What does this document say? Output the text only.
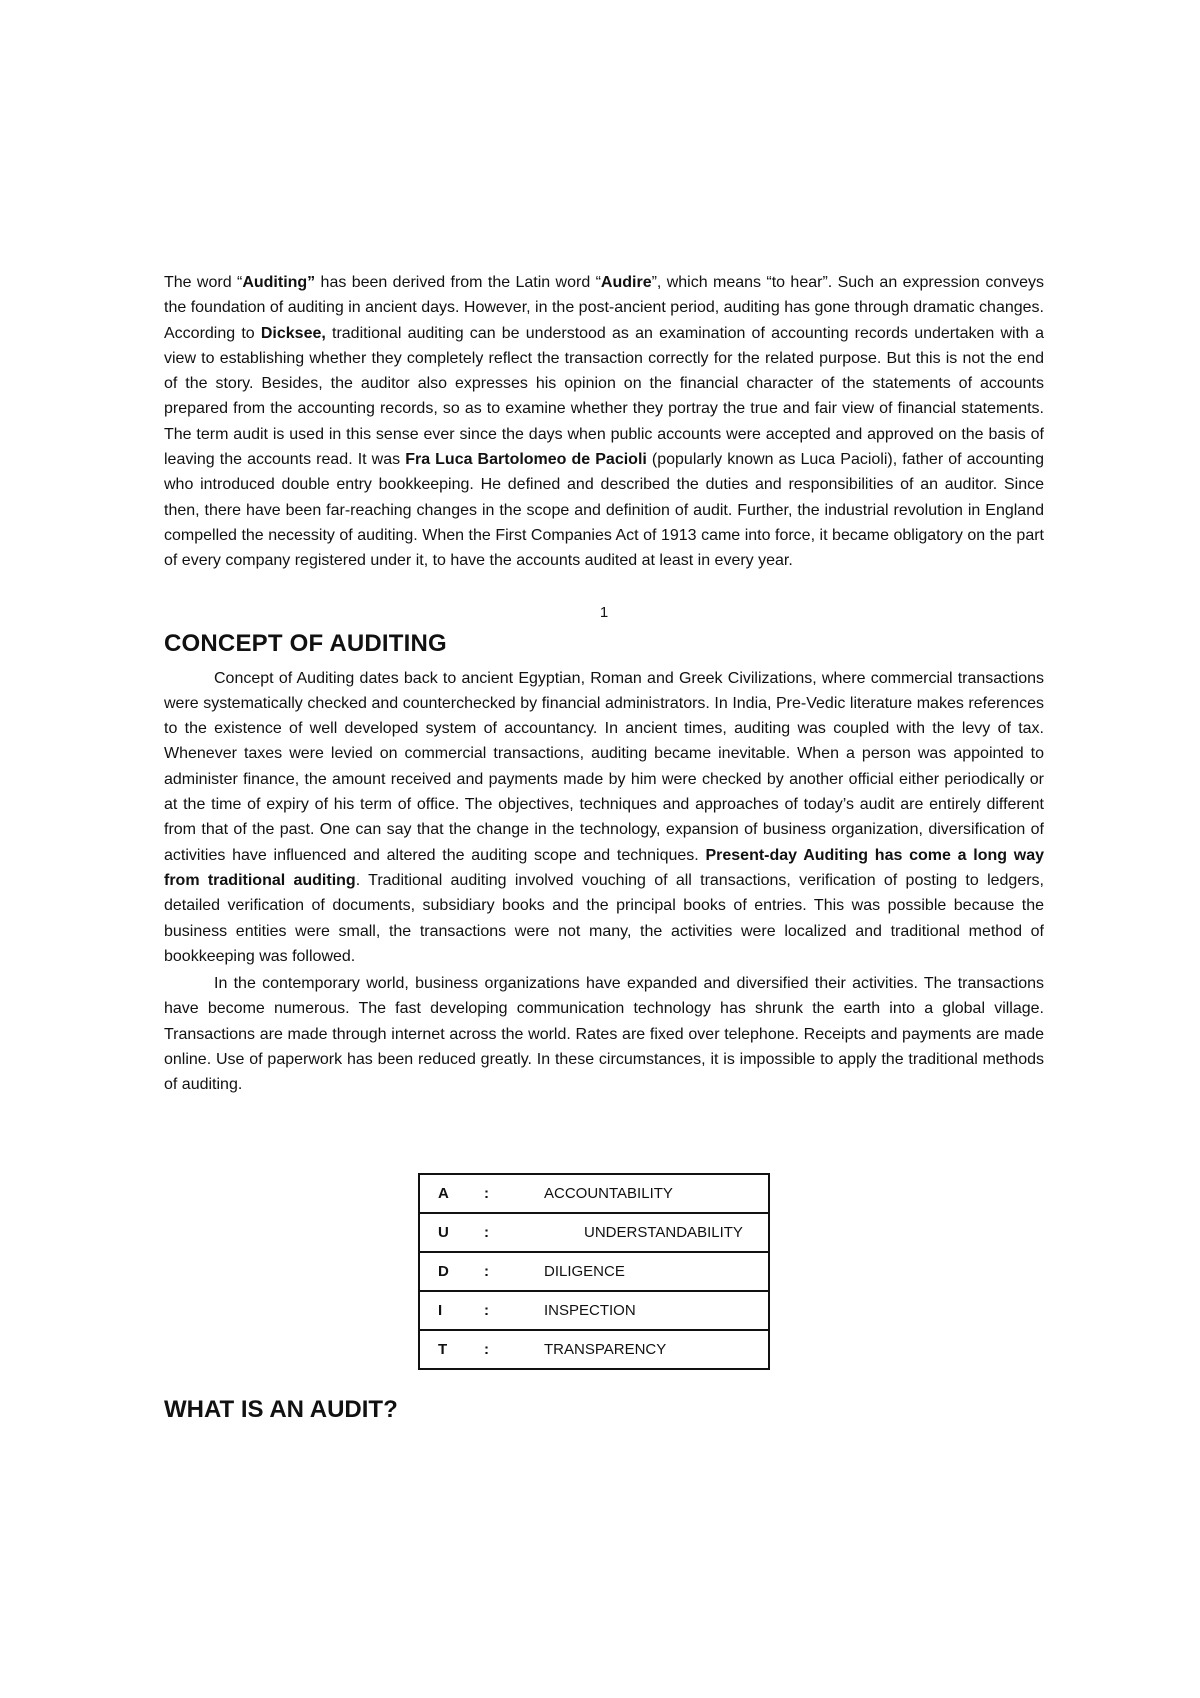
The word “Auditing” has been derived from the Latin word “Audire”, which means “to hear”. Such an expression conveys the foundation of auditing in ancient days. However, in the post-ancient period, auditing has gone through dramatic changes. According to Dicksee, traditional auditing can be understood as an examination of accounting records undertaken with a view to establishing whether they completely reflect the transaction correctly for the related purpose. But this is not the end of the story. Besides, the auditor also expresses his opinion on the financial character of the statements of accounts prepared from the accounting records, so as to examine whether they portray the true and fair view of financial statements. The term audit is used in this sense ever since the days when public accounts were accepted and approved on the basis of leaving the accounts read. It was Fra Luca Bartolomeo de Pacioli (popularly known as Luca Pacioli), father of accounting who introduced double entry bookkeeping. He defined and described the duties and responsibilities of an auditor. Since then, there have been far-reaching changes in the scope and definition of audit. Further, the industrial revolution in England compelled the necessity of auditing. When the First Companies Act of 1913 came into force, it became obligatory on the part of every company registered under it, to have the accounts audited at least in every year.

1
CONCEPT OF AUDITING

Concept of Auditing dates back to ancient Egyptian, Roman and Greek Civilizations, where commercial transactions were systematically checked and counterchecked by financial administrators. In India, Pre-Vedic literature makes references to the existence of well developed system of accountancy. In ancient times, auditing was coupled with the levy of tax. Whenever taxes were levied on commercial transactions, auditing became inevitable. When a person was appointed to administer finance, the amount received and payments made by him were checked by another official either periodically or at the time of expiry of his term of office. The objectives, techniques and approaches of today’s audit are entirely different from that of the past. One can say that the change in the technology, expansion of business organization, diversification of activities have influenced and altered the auditing scope and techniques. Present-day Auditing has come a long way from traditional auditing. Traditional auditing involved vouching of all transactions, verification of posting to ledgers, detailed verification of documents, subsidiary books and the principal books of entries. This was possible because the business entities were small, the transactions were not many, the activities were localized and traditional method of bookkeeping was followed.

In the contemporary world, business organizations have expanded and diversified their activities. The transactions have become numerous. The fast developing communication technology has shrunk the earth into a global village. Transactions are made through internet across the world. Rates are fixed over telephone. Receipts and payments are made online. Use of paperwork has been reduced greatly. In these circumstances, it is impossible to apply the traditional methods of auditing.

A	:	ACCOUNTABILITY
U	:	UNDERSTANDABILITY
D	:	DILIGENCE
I	:	INSPECTION
T	:	TRANSPARENCY
WHAT IS AN AUDIT?
